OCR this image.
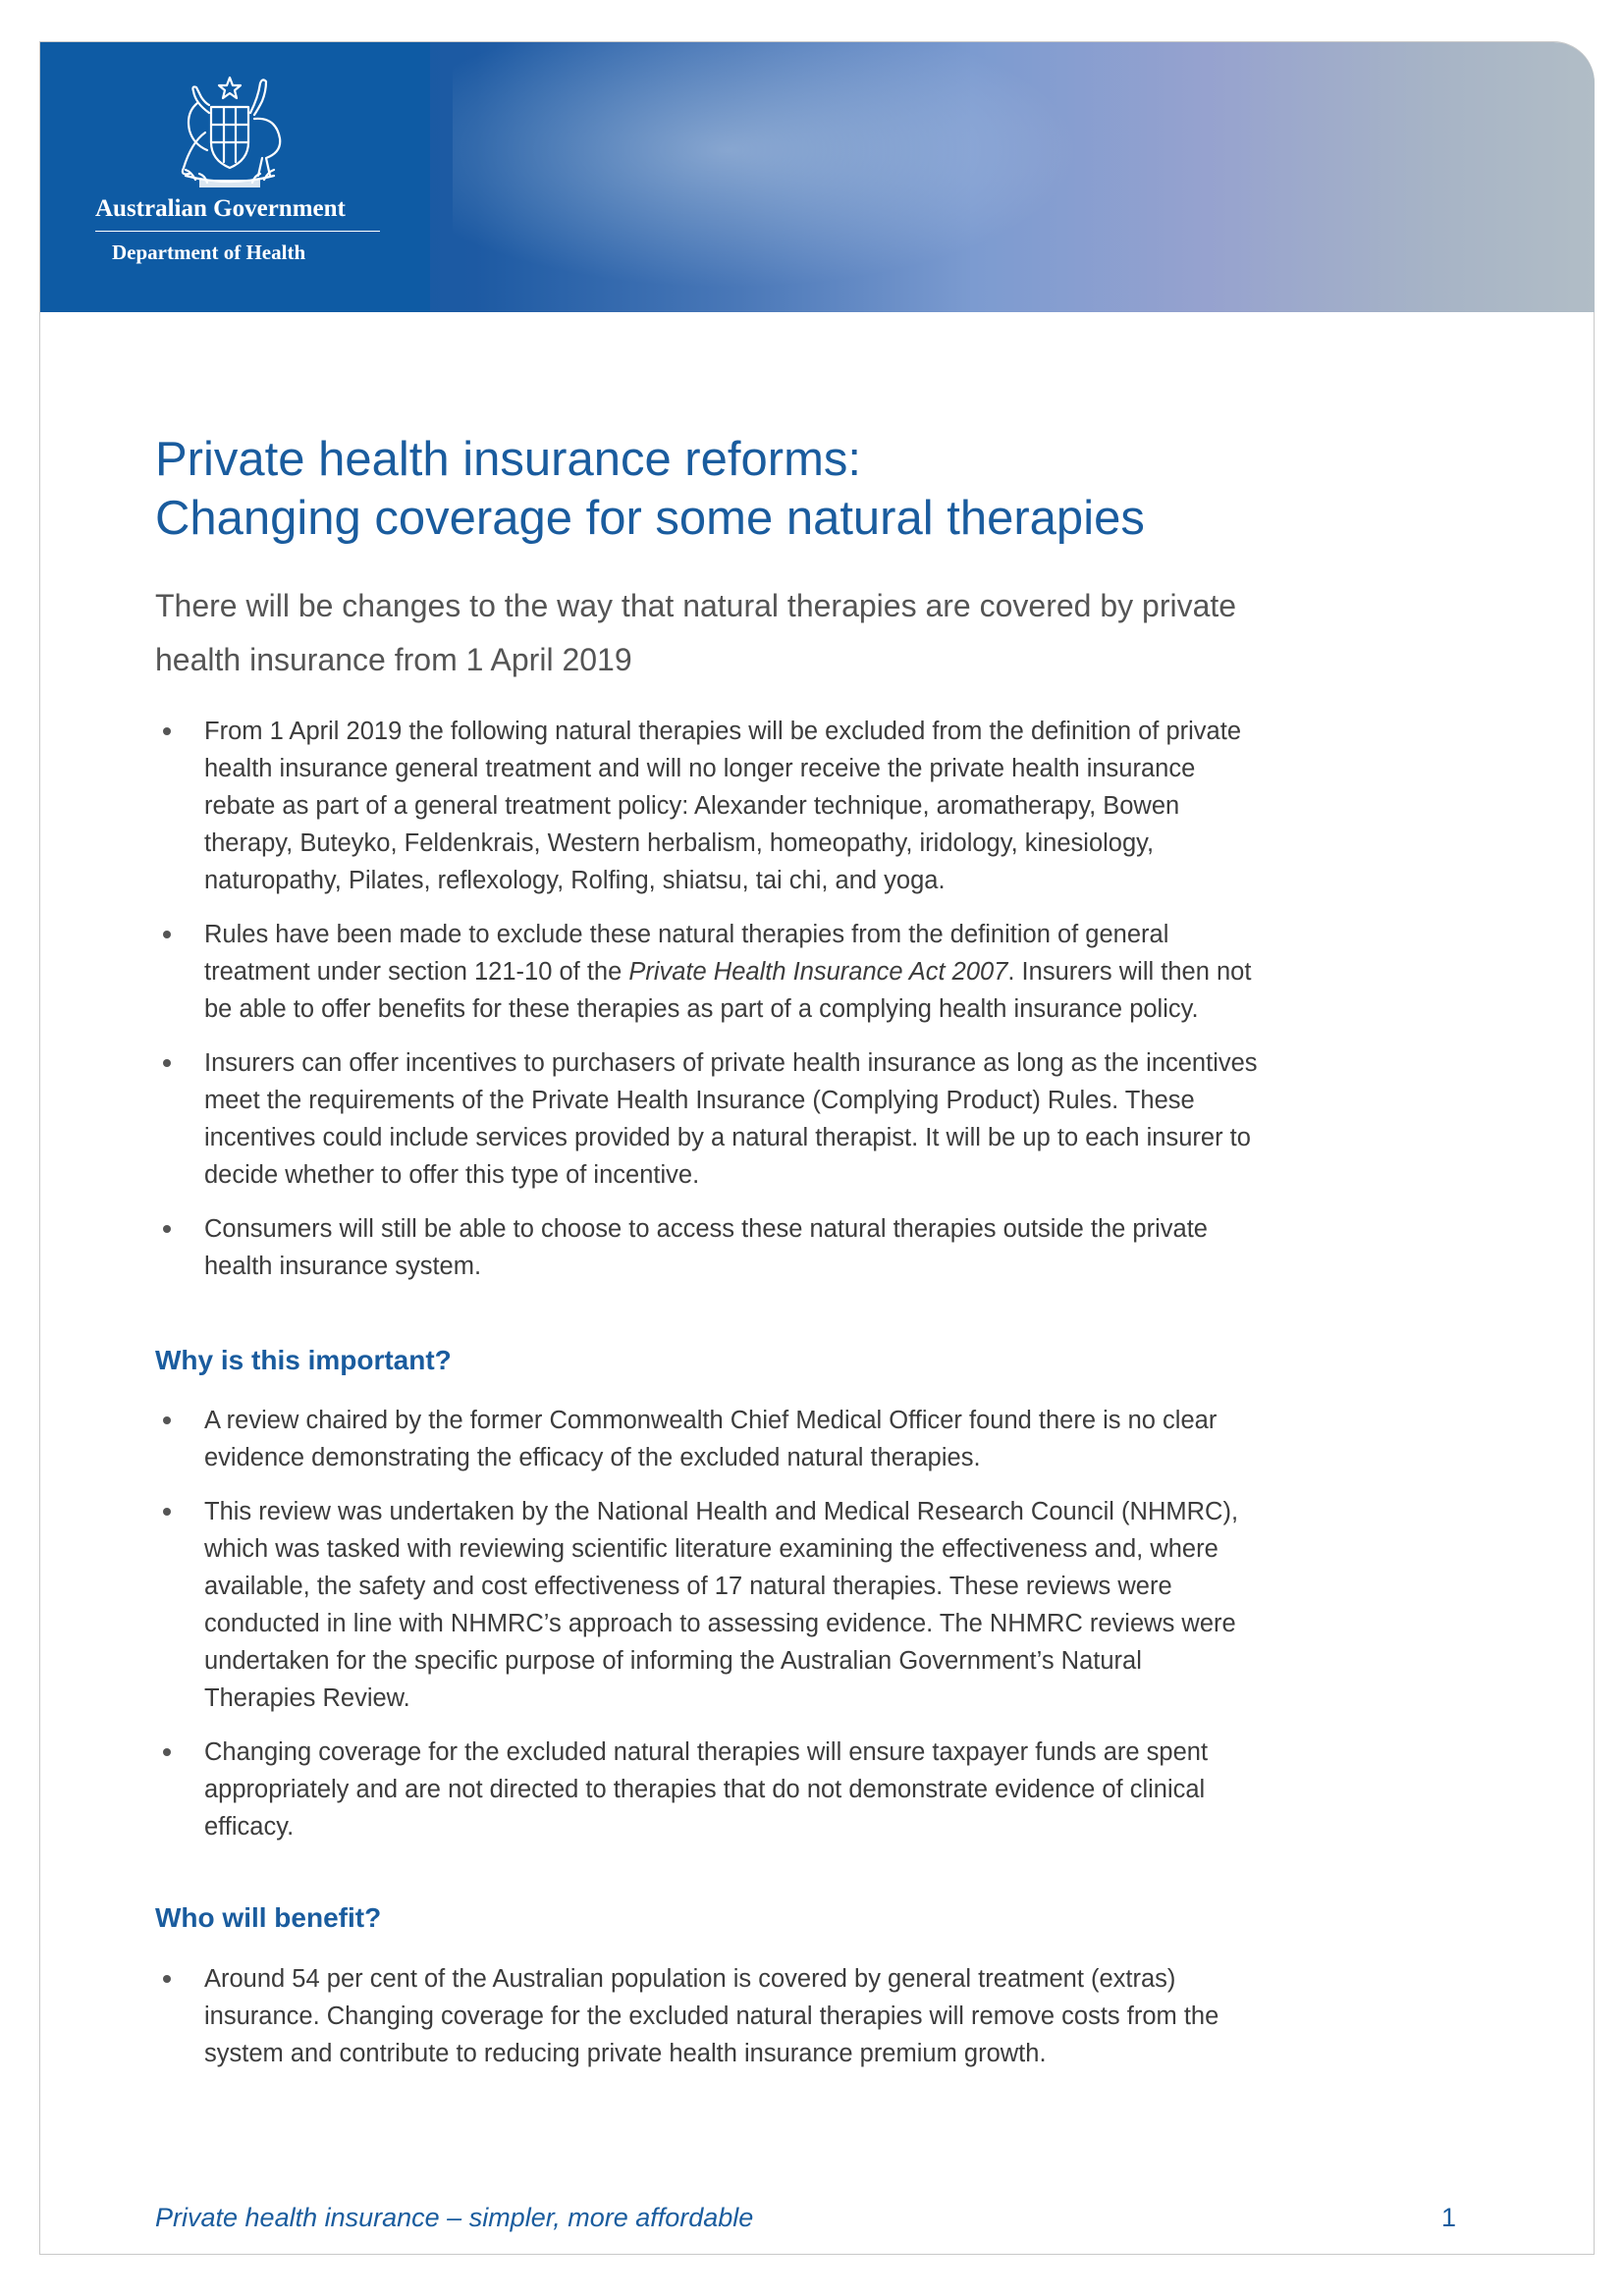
Australian Government
Department of Health
Private health insurance reforms:
Changing coverage for some natural therapies

There will be changes to the way that natural therapies are covered by private
health insurance from 1 April 2019

From 1 April 2019 the following natural therapies will be excluded from the definition of private
health insurance general treatment and will no longer receive the private health insurance
rebate as part of a general treatment policy: Alexander technique, aromatherapy, Bowen
therapy, Buteyko, Feldenkrais, Western herbalism, homeopathy, iridology, kinesiology,
naturopathy, Pilates, reflexology, Rolfing, shiatsu, tai chi, and yoga.
Rules have been made to exclude these natural therapies from the definition of general
treatment under section 121-10 of the Private Health Insurance Act 2007. Insurers will then not
be able to offer benefits for these therapies as part of a complying health insurance policy.
Insurers can offer incentives to purchasers of private health insurance as long as the incentives
meet the requirements of the Private Health Insurance (Complying Product) Rules. These
incentives could include services provided by a natural therapist. It will be up to each insurer to
decide whether to offer this type of incentive.
Consumers will still be able to choose to access these natural therapies outside the private
health insurance system.
Why is this important?
A review chaired by the former Commonwealth Chief Medical Officer found there is no clear
evidence demonstrating the efficacy of the excluded natural therapies.
This review was undertaken by the National Health and Medical Research Council (NHMRC),
which was tasked with reviewing scientific literature examining the effectiveness and, where
available, the safety and cost effectiveness of 17 natural therapies. These reviews were
conducted in line with NHMRC’s approach to assessing evidence. The NHMRC reviews were
undertaken for the specific purpose of informing the Australian Government’s Natural
Therapies Review.
Changing coverage for the excluded natural therapies will ensure taxpayer funds are spent
appropriately and are not directed to therapies that do not demonstrate evidence of clinical
efficacy.
Who will benefit?
Around 54 per cent of the Australian population is covered by general treatment (extras)
insurance. Changing coverage for the excluded natural therapies will remove costs from the
system and contribute to reducing private health insurance premium growth.
Private health insurance – simpler, more affordable	1
